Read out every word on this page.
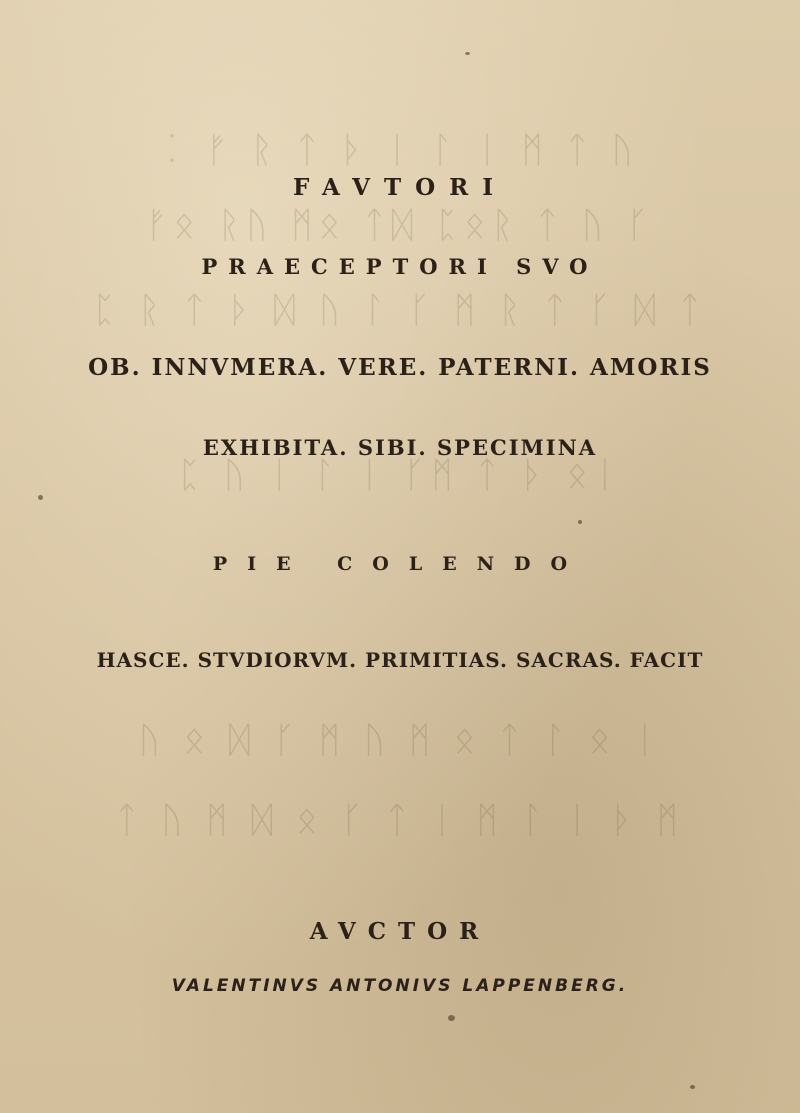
⁚ ᚠ ᚱ ᛏ ᚦ ᛁ ᛚ ᛁ ᛗ ᛏ ᚢ
ᚠᛟ ᚱᚢ ᛗᛟ ᛏᛞ ᛈᛟᚱ ᛏ ᚢ ᚴ
ᛈ ᚱ ᛏ ᚦ ᛞ ᚢ ᛚ ᚴ ᛗ ᚱ ᛏ ᚴ ᛞ ᛏ
ᛈ ᚢ ᛁ ᛚ ᛁ ᚴᛗ ᛏ ᚦ ᛟᛁ
ᚢ ᛟ ᛞ ᚴ ᛗ ᚢ ᛗ ᛟ ᛏ ᛚ ᛟ ᛁ
ᛏ ᚢ ᛗ ᛞ ᛟ ᚴ ᛏ ᛁ ᛗ ᛚ ᛁ ᚦ ᛗ
FAVTORI
PRAECEPTORI SVO
OB. INNVMERA. VERE. PATERNI. AMORIS
EXHIBITA. SIBI. SPECIMINA
PIE COLENDO
HASCE. STVDIORVM. PRIMITIAS. SACRAS. FACIT
AVCTOR
VALENTINVS ANTONIVS LAPPENBERG.
